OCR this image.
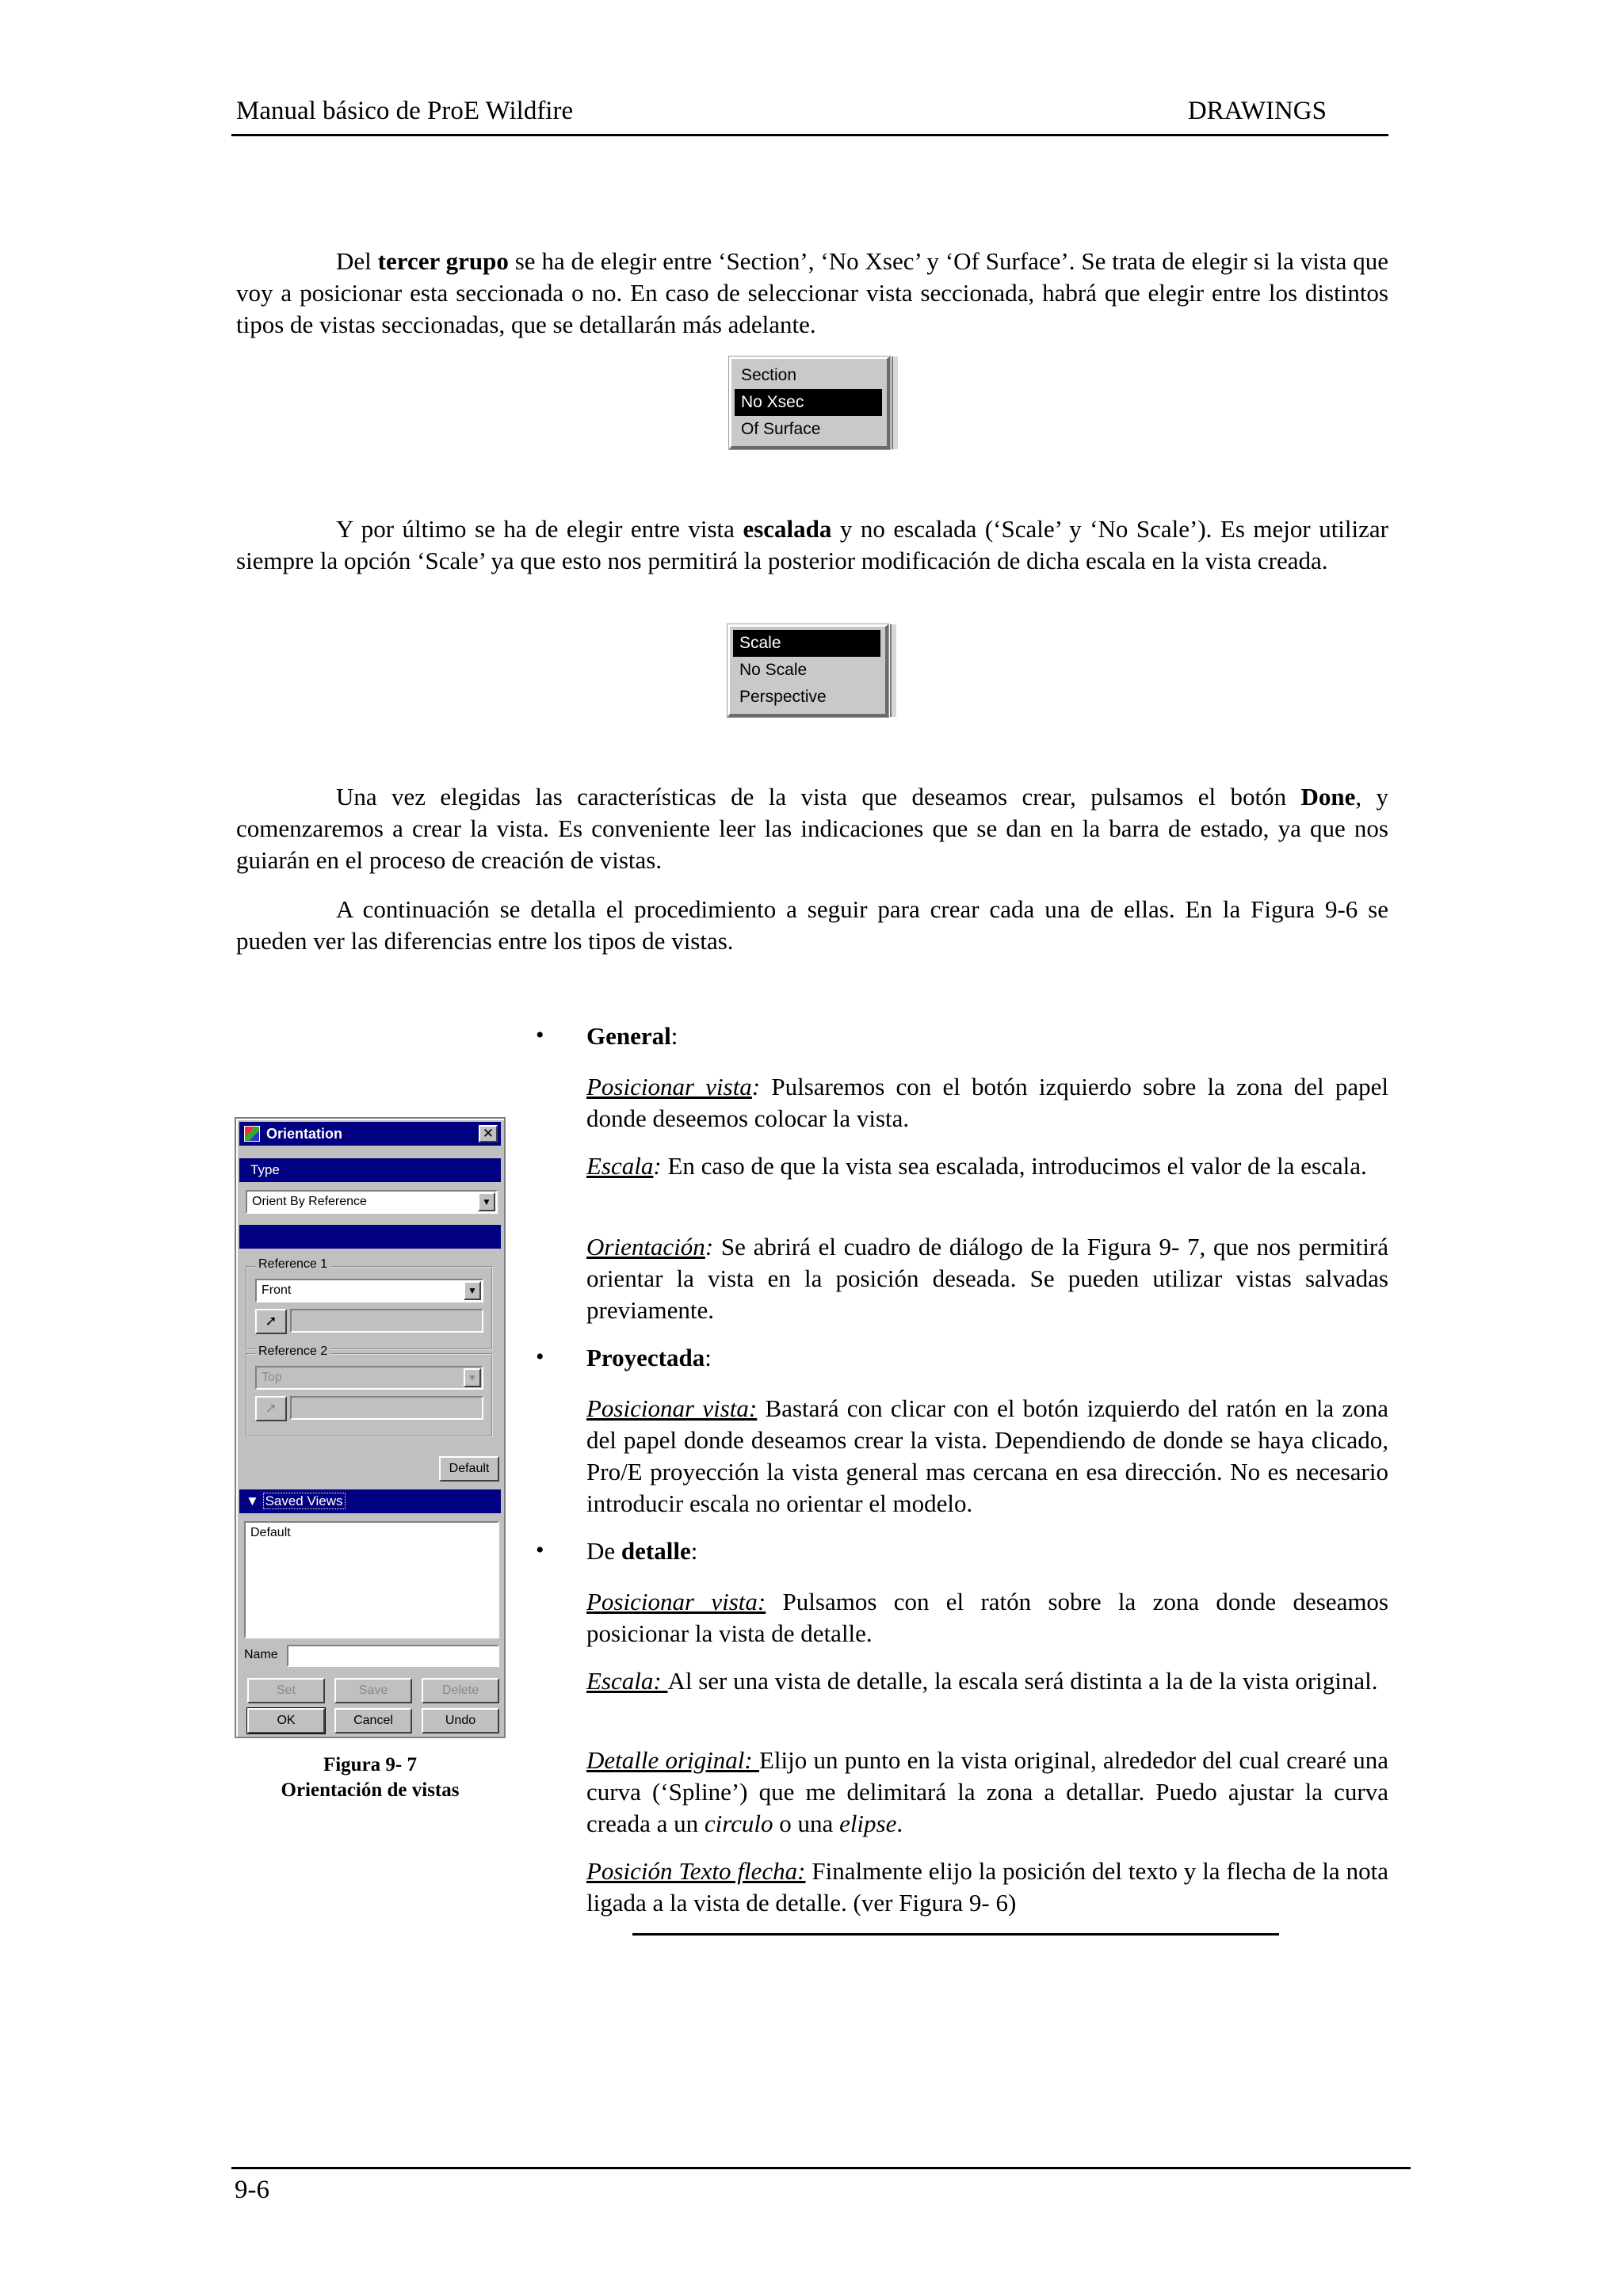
Manual básico de ProE Wildfire	DRAWINGS

Del tercer grupo se ha de elegir entre ‘Section’, ‘No Xsec’ y ‘Of Surface’. Se trata de elegir si la vista que voy a posicionar esta seccionada o no. En caso de seleccionar vista seccionada, habrá que elegir entre los distintos tipos de vistas seccionadas, que se detallarán más adelante.

Section
No Xsec
Of Surface

Y por último se ha de elegir entre vista escalada y no escalada (‘Scale’ y ‘No Scale’). Es mejor utilizar siempre la opción ‘Scale’ ya que esto nos permitirá la posterior modificación de dicha escala en la vista creada.

Scale
No Scale
Perspective

Una vez elegidas las características de la vista que deseamos crear, pulsamos el botón Done, y comenzaremos a crear la vista. Es conveniente leer las indicaciones que se dan en la barra de estado, ya que nos guiarán en el proceso de creación de vistas.

A continuación se detalla el procedimiento a seguir para crear cada una de ellas. En la Figura 9-6 se pueden ver las diferencias entre los tipos de vistas.

Orientation	✕
Type
Orient By Reference	▼
Reference 1
Front	▼
➚
Reference 2
Top	▼
➚
Default
▼ Saved Views
Default
Name
Set	Save	Delete
OK	Cancel	Undo
Figura 9- 7
Orientación de vistas
• General:

Posicionar vista: Pulsaremos con el botón izquierdo sobre la zona del papel donde deseemos colocar la vista.

Escala: En caso de que la vista sea escalada, introducimos el valor de la escala.

Orientación: Se abrirá el cuadro de diálogo de la Figura 9- 7, que nos permitirá orientar la vista en la posición deseada. Se pueden utilizar vistas salvadas previamente.

• Proyectada:

Posicionar vista: Bastará con clicar con el botón izquierdo del ratón en la zona del papel donde deseamos crear la vista. Dependiendo de donde se haya clicado, Pro/E proyección la vista general mas cercana en esa dirección. No es necesario introducir escala no orientar el modelo.

• De detalle:

Posicionar vista: Pulsamos con el ratón sobre la zona donde deseamos posicionar la vista de detalle.

Escala: Al ser una vista de detalle, la escala será distinta a la de la vista original.

Detalle original: Elijo un punto en la vista original, alrededor del cual crearé una curva (‘Spline’) que me delimitará la zona a detallar. Puedo ajustar la curva creada a un circulo o una elipse.

Posición Texto flecha: Finalmente elijo la posición del texto y la flecha de la nota ligada a la vista de detalle. (ver Figura 9- 6)

9-6
